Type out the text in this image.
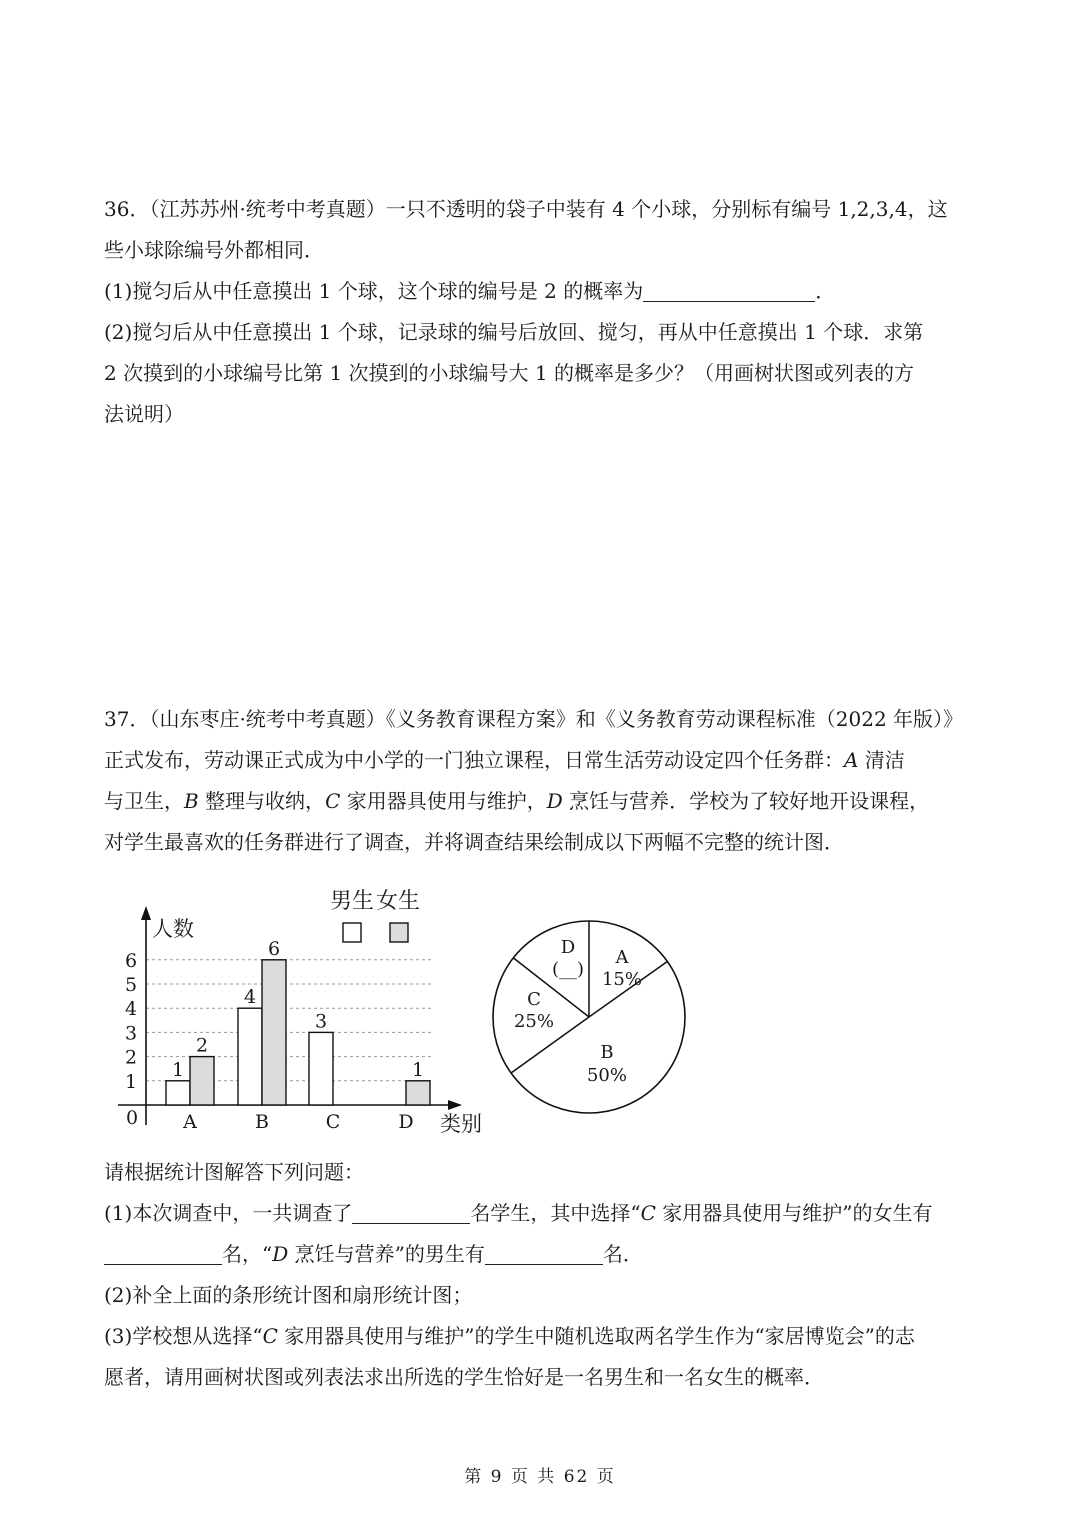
36．（江苏苏州·统考中考真题）一只不透明的袋子中装有 4 个小球，分别标有编号 1,2,3,4，这
些小球除编号外都相同．
(1)搅匀后从中任意摸出 1 个球，这个球的编号是 2 的概率为	．
(2)搅匀后从中任意摸出 1 个球，记录球的编号后放回、搅匀，再从中任意摸出 1 个球．求第
2 次摸到的小球编号比第 1 次摸到的小球编号大 1 的概率是多少？（用画树状图或列表的方
法说明）
37．（山东枣庄·统考中考真题）《义务教育课程方案》和《义务教育劳动课程标准（2022 年版）》
正式发布，劳动课正式成为中小学的一门独立课程，日常生活劳动设定四个任务群：A 清洁
与卫生，B 整理与收纳，C 家用器具使用与维护，D 烹饪与营养．学校为了较好地开设课程，
对学生最喜欢的任务群进行了调查，并将调查结果绘制成以下两幅不完整的统计图．
1
2
3
4
5
6
0
人数
类别
男生 女生
A
1
2
B
4
6
C
3
D
1
A
15%
B
50%
C
25%
D
(__)
请根据统计图解答下列问题：
(1)本次调查中，一共调查了	名学生，其中选择“C 家用器具使用与维护”的女生有
名，“D 烹饪与营养”的男生有	名．
(2)补全上面的条形统计图和扇形统计图；
(3)学校想从选择“C 家用器具使用与维护”的学生中随机选取两名学生作为“家居博览会”的志
愿者，请用画树状图或列表法求出所选的学生恰好是一名男生和一名女生的概率．
第 9 页 共 62 页
